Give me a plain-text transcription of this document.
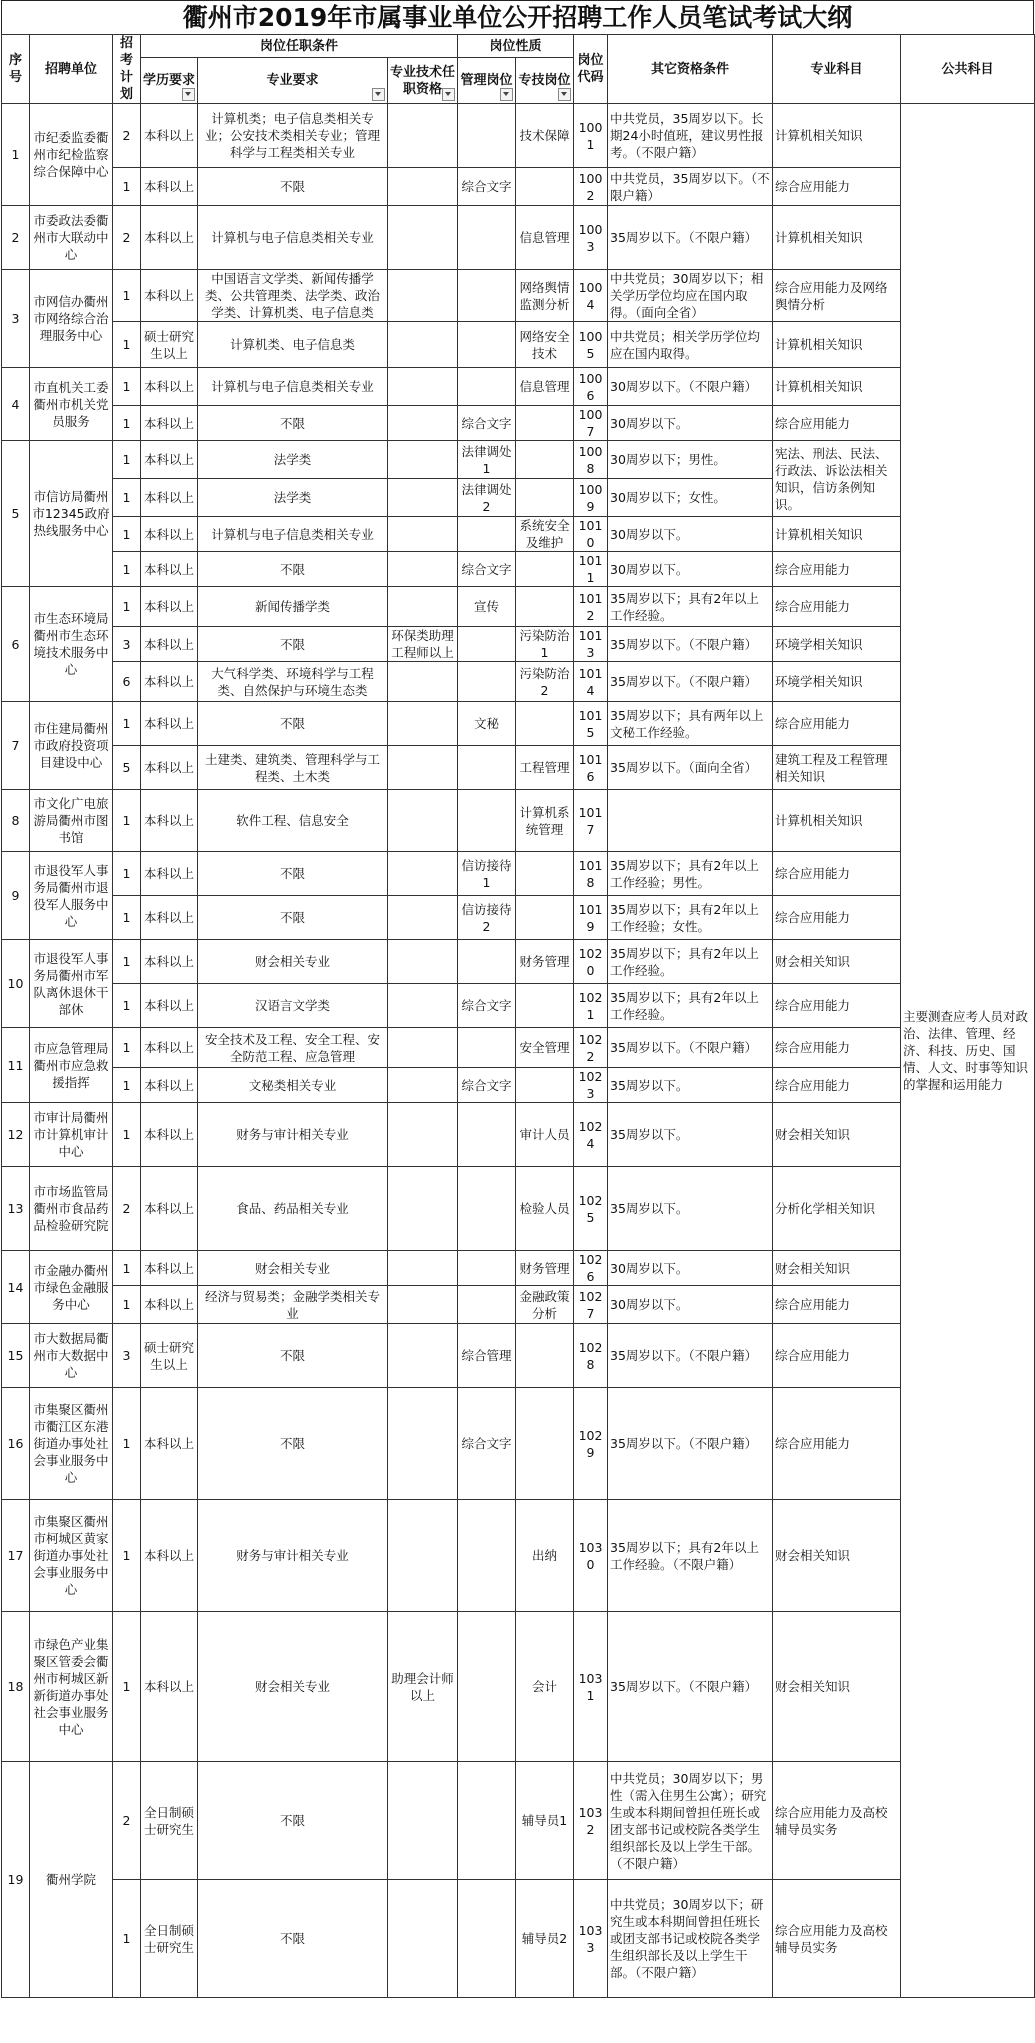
衢州市2019年市属事业单位公开招聘工作人员笔试考试大纲
序号	招聘单位	招考计划	岗位任职条件			岗位性质		岗位代码	其它资格条件	专业科目	公共科目
			学历要求	专业要求	专业技术任职资格	管理岗位	专技岗位				

1	市纪委监委衢州市纪检监察综合保障中心	2	本科以上	计算机类；电子信息类相关专业；公安技术类相关专业；管理科学与工程类相关专业			技术保障	1001	中共党员，35周岁以下。长期24小时值班，建议男性报考。（不限户籍）	计算机相关知识	主要测查应考人员对政治、法律、管理、经济、科技、历史、国情、人文、时事等知识的掌握和运用能力
		1	本科以上	不限		综合文字		1002	中共党员，35周岁以下。（不限户籍）	综合应用能力	
2	市委政法委衢州市大联动中心	2	本科以上	计算机与电子信息类相关专业			信息管理	1003	35周岁以下。（不限户籍）	计算机相关知识	
3	市网信办衢州市网络综合治理服务中心	1	本科以上	中国语言文学类、新闻传播学类、公共管理类、法学类、政治学类、计算机类、电子信息类			网络舆情监测分析	1004	中共党员；30周岁以下；相关学历学位均应在国内取得。（面向全省）	综合应用能力及网络舆情分析	
		1	硕士研究生以上	计算机类、电子信息类			网络安全技术	1005	中共党员；相关学历学位均应在国内取得。	计算机相关知识	
4	市直机关工委衢州市机关党员服务	1	本科以上	计算机与电子信息类相关专业			信息管理	1006	30周岁以下。（不限户籍）	计算机相关知识	
		1	本科以上	不限		综合文字		1007	30周岁以下。	综合应用能力	
5	市信访局衢州市12345政府热线服务中心	1	本科以上	法学类		法律调处1		1008	30周岁以下；男性。	宪法、刑法、民法、行政法、诉讼法相关知识，信访条例知识。	
		1	本科以上	法学类		法律调处2		1009	30周岁以下；女性。		
		1	本科以上	计算机与电子信息类相关专业			系统安全及维护	1010	30周岁以下。	计算机相关知识	
		1	本科以上	不限		综合文字		1011	30周岁以下。	综合应用能力	
6	市生态环境局衢州市生态环境技术服务中心	1	本科以上	新闻传播学类		宣传		1012	35周岁以下；具有2年以上工作经验。	综合应用能力	
		3	本科以上	不限	环保类助理工程师以上		污染防治1	1013	35周岁以下。（不限户籍）	环境学相关知识	
		6	本科以上	大气科学类、环境科学与工程类、自然保护与环境生态类			污染防治2	1014	35周岁以下。（不限户籍）	环境学相关知识	
7	市住建局衢州市政府投资项目建设中心	1	本科以上	不限		文秘		1015	35周岁以下；具有两年以上文秘工作经验。	综合应用能力	
		5	本科以上	土建类、建筑类、管理科学与工程类、土木类			工程管理	1016	35周岁以下。（面向全省）	建筑工程及工程管理相关知识	
8	市文化广电旅游局衢州市图书馆	1	本科以上	软件工程、信息安全			计算机系统管理	1017		计算机相关知识	
9	市退役军人事务局衢州市退役军人服务中心	1	本科以上	不限		信访接待1		1018	35周岁以下；具有2年以上工作经验；男性。	综合应用能力	
		1	本科以上	不限		信访接待2		1019	35周岁以下；具有2年以上工作经验；女性。	综合应用能力	
10	市退役军人事务局衢州市军队离休退休干部休	1	本科以上	财会相关专业			财务管理	1020	35周岁以下；具有2年以上工作经验。	财会相关知识	
		1	本科以上	汉语言文学类		综合文字		1021	35周岁以下；具有2年以上工作经验。	综合应用能力	
11	市应急管理局衢州市应急救援指挥	1	本科以上	安全技术及工程、安全工程、安全防范工程、应急管理			安全管理	1022	35周岁以下。（不限户籍）	综合应用能力	
		1	本科以上	文秘类相关专业		综合文字		1023	35周岁以下。	综合应用能力	
12	市审计局衢州市计算机审计中心	1	本科以上	财务与审计相关专业			审计人员	1024	35周岁以下。	财会相关知识	
13	市市场监管局衢州市食品药品检验研究院	2	本科以上	食品、药品相关专业			检验人员	1025	35周岁以下。	分析化学相关知识	
14	市金融办衢州市绿色金融服务中心	1	本科以上	财会相关专业			财务管理	1026	30周岁以下。	财会相关知识	
		1	本科以上	经济与贸易类；金融学类相关专业			金融政策分析	1027	30周岁以下。	综合应用能力	
15	市大数据局衢州市大数据中心	3	硕士研究生以上	不限		综合管理		1028	35周岁以下。（不限户籍）	综合应用能力	
16	市集聚区衢州市衢江区东港街道办事处社会事业服务中心	1	本科以上	不限		综合文字		1029	35周岁以下。（不限户籍）	综合应用能力	
17	市集聚区衢州市柯城区黄家街道办事处社会事业服务中心	1	本科以上	财务与审计相关专业			出纳	1030	35周岁以下；具有2年以上工作经验。（不限户籍）	财会相关知识	
18	市绿色产业集聚区管委会衢州市柯城区新新街道办事处社会事业服务中心	1	本科以上	财会相关专业	助理会计师以上		会计	1031	35周岁以下。（不限户籍）	财会相关知识	
19	衢州学院	2	全日制硕士研究生	不限			辅导员1	1032	中共党员；30周岁以下；男性（需入住男生公寓）；研究生或本科期间曾担任班长或团支部书记或校院各类学生组织部长及以上学生干部。（不限户籍）	综合应用能力及高校辅导员实务	
		1	全日制硕士研究生	不限			辅导员2	1033	中共党员；30周岁以下；研究生或本科期间曾担任班长或团支部书记或校院各类学生组织部长及以上学生干部。（不限户籍）	综合应用能力及高校辅导员实务	
